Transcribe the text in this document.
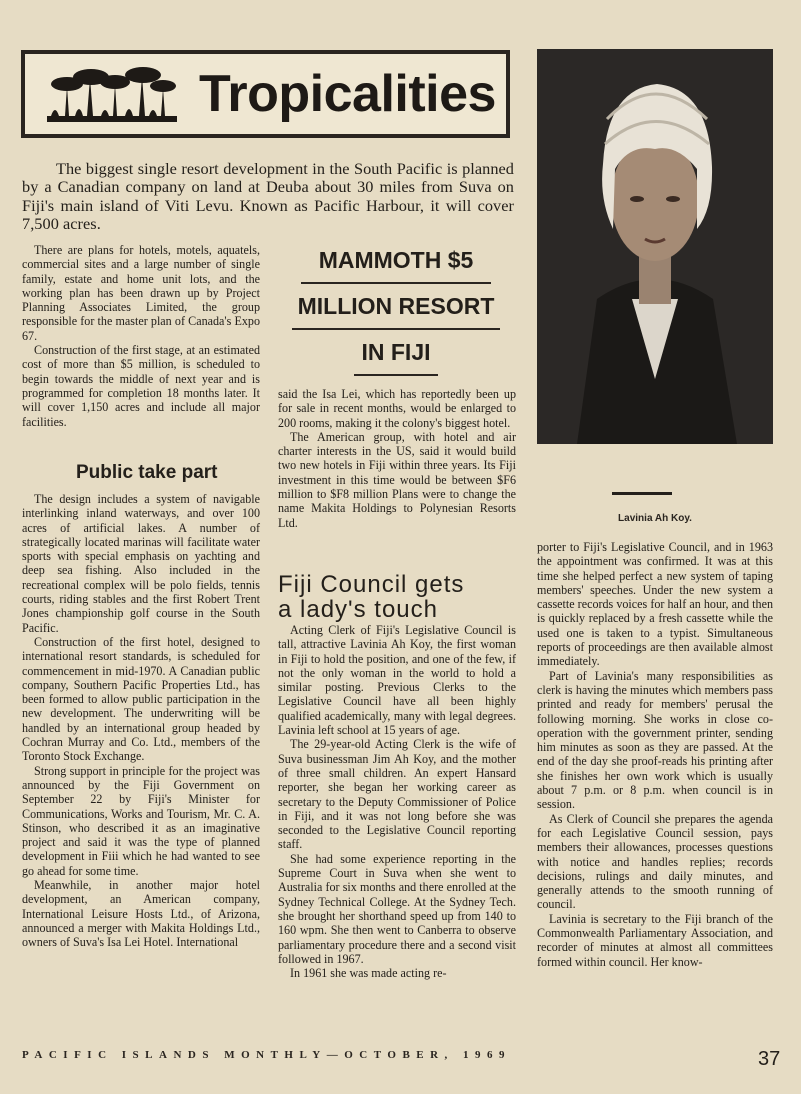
Tropicalities
The biggest single resort development in the South Pacific is planned by a Canadian company on land at Deuba about 30 miles from Suva on Fiji's main island of Viti Levu. Known as Pacific Harbour, it will cover 7,500 acres.

There are plans for hotels, motels, aquatels, commercial sites and a large number of single family, estate and home unit lots, and the working plan has been drawn up by Project Planning Associates Limited, the group responsible for the master plan of Canada's Expo 67.

Construction of the first stage, at an estimated cost of more than $5 million, is scheduled to begin towards the middle of next year and is programmed for completion 18 months later. It will cover 1,150 acres and include all major facilities.

Public take part

The design includes a system of navigable interlinking inland waterways, and over 100 acres of artificial lakes. A number of strategically located marinas will facilitate water sports with special emphasis on yachting and deep sea fishing. Also included in the recreational complex will be polo fields, tennis courts, riding stables and the first Robert Trent Jones championship golf course in the South Pacific.

Construction of the first hotel, designed to international resort standards, is scheduled for commencement in mid-1970. A Canadian public company, Southern Pacific Properties Ltd., has been formed to allow public participation in the new development. The underwriting will be handled by an international group headed by Cochran Murray and Co. Ltd., members of the Toronto Stock Exchange.

Strong support in principle for the project was announced by the Fiji Government on September 22 by Fiji's Minister for Communications, Works and Tourism, Mr. C. A. Stinson, who described it as an imaginative project and said it was the type of planned development in Fiii which he had wanted to see go ahead for some time.

Meanwhile, in another major hotel development, an American company, International Leisure Hosts Ltd., of Arizona, announced a merger with Makita Holdings Ltd., owners of Suva's Isa Lei Hotel. International

MAMMOTH $5
MILLION RESORT
IN FIJI

said the Isa Lei, which has reportedly been up for sale in recent months, would be enlarged to 200 rooms, making it the colony's biggest hotel.

The American group, with hotel and air charter interests in the US, said it would build two new hotels in Fiji within three years. Its Fiji investment in this time would be between $F6 million to $F8 million Plans were to change the name Makita Holdings to Polynesian Resorts Ltd.

Fiji Council gets
a lady's touch

Acting Clerk of Fiji's Legislative Council is tall, attractive Lavinia Ah Koy, the first woman in Fiji to hold the position, and one of the few, if not the only woman in the world to hold a similar posting. Previous Clerks to the Legislative Council have all been highly qualified academically, many with legal degrees. Lavinia left school at 15 years of age.

The 29-year-old Acting Clerk is the wife of Suva businessman Jim Ah Koy, and the mother of three small children. An expert Hansard reporter, she began her working career as secretary to the Deputy Commissioner of Police in Fiji, and it was not long before she was seconded to the Legislative Council reporting staff.

She had some experience reporting in the Supreme Court in Suva when she went to Australia for six months and there enrolled at the Sydney Technical College. At the Sydney Tech. she brought her shorthand speed up from 140 to 160 wpm. She then went to Canberra to observe parliamentary procedure there and a second visit followed in 1967.

In 1961 she was made acting re-

Lavinia Ah Koy.

porter to Fiji's Legislative Council, and in 1963 the appointment was confirmed. It was at this time she helped perfect a new system of taping members' speeches. Under the new system a cassette records voices for half an hour, and then is quickly replaced by a fresh cassette while the used one is taken to a typist. Simultaneous reports of proceedings are then available almost immediately.

Part of Lavinia's many responsibilities as clerk is having the minutes which members pass printed and ready for members' perusal the following morning. She works in close co-operation with the government printer, sending him minutes as soon as they are passed. At the end of the day she proof-reads his printing after she finishes her own work which is usually about 7 p.m. or 8 p.m. when council is in session.

As Clerk of Council she prepares the agenda for each Legislative Council session, pays members their allowances, processes questions with notice and handles replies; records decisions, rulings and daily minutes, and generally attends to the smooth running of council.

Lavinia is secretary to the Fiji branch of the Commonwealth Parliamentary Association, and recorder of minutes at almost all committees formed within council. Her know-

PACIFIC ISLANDS MONTHLY—OCTOBER, 1969	37
